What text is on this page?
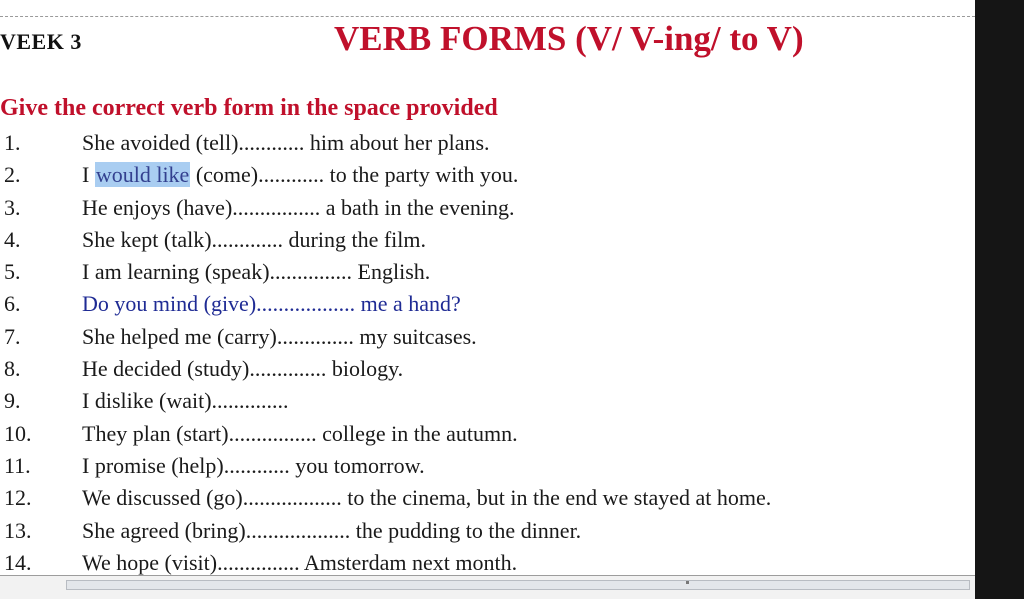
VEEK 3	VERB FORMS (V/ V-ing/ to V)
Give the correct verb form in the space provided
1.	She avoided (tell)............ him about her plans.
2.	I would like (come)............ to the party with you.
3.	He enjoys (have)................ a bath in the evening.
4.	She kept (talk)............. during the film.
5.	I am learning (speak)............... English.
6.	Do you mind (give).................. me a hand?
7.	She helped me (carry).............. my suitcases.
8.	He decided (study).............. biology.
9.	I dislike (wait)..............
10. They plan (start)................ college in the autumn.
11. I promise (help)............ you tomorrow.
12. We discussed (go).................. to the cinema, but in the end we stayed at home.
13. She agreed (bring)................... the pudding to the dinner.
14. We hope (visit)............... Amsterdam next month.
